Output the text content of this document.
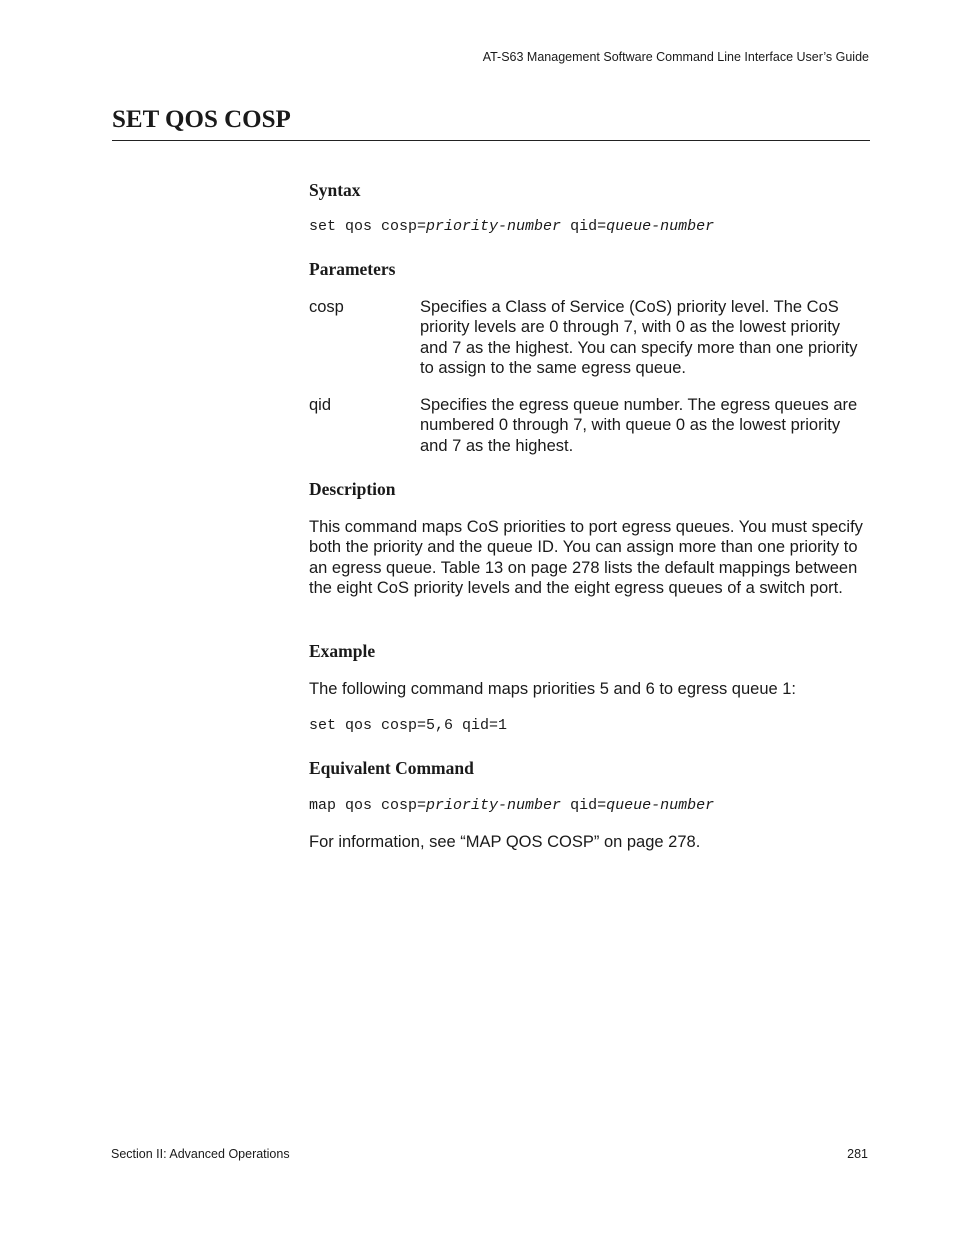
AT-S63 Management Software Command Line Interface User’s Guide
SET QOS COSP
Syntax
set qos cosp=priority-number qid=queue-number
Parameters
cosp	Specifies a Class of Service (CoS) priority level. The CoS priority levels are 0 through 7, with 0 as the lowest priority and 7 as the highest. You can specify more than one priority to assign to the same egress queue.
qid	Specifies the egress queue number. The egress queues are numbered 0 through 7, with queue 0 as the lowest priority and 7 as the highest.
Description
This command maps CoS priorities to port egress queues. You must specify both the priority and the queue ID. You can assign more than one priority to an egress queue. Table 13 on page 278 lists the default mappings between the eight CoS priority levels and the eight egress queues of a switch port.
Example
The following command maps priorities 5 and 6 to egress queue 1:
set qos cosp=5,6 qid=1
Equivalent Command
map qos cosp=priority-number qid=queue-number
For information, see “MAP QOS COSP” on page 278.
Section II: Advanced Operations	281
